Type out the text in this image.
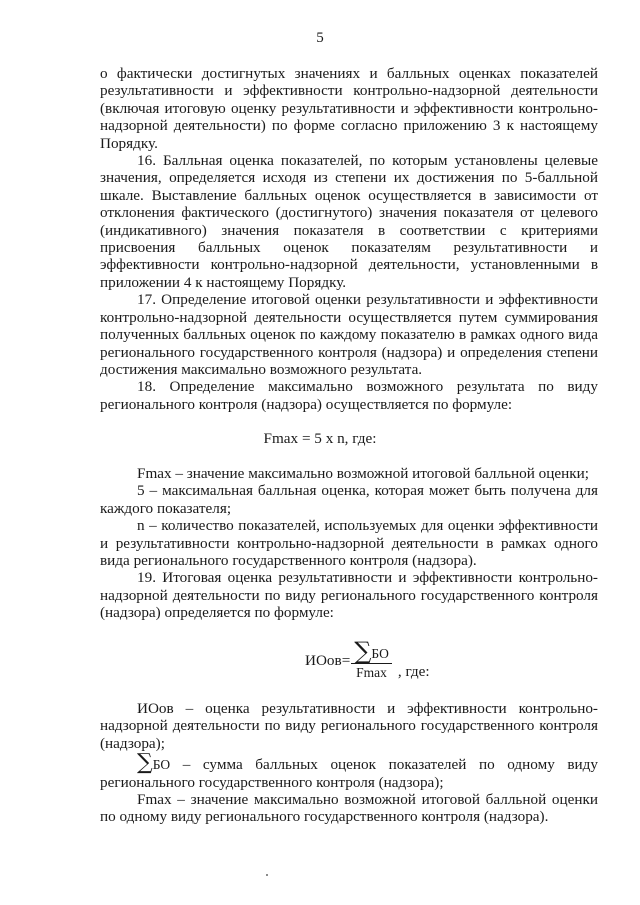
5

о фактически достигнутых значениях и балльных оценках показателей результативности и эффективности контрольно-надзорной деятельности (включая итоговую оценку результативности и эффективности контрольно-надзорной деятельности) по форме согласно приложению 3 к настоящему Порядку.

16. Балльная оценка показателей, по которым установлены целевые значения, определяется исходя из степени их достижения по 5-балльной шкале. Выставление балльных оценок осуществляется в зависимости от отклонения фактического (достигнутого) значения показателя от целевого (индикативного) значения показателя в соответствии с критериями присвоения балльных оценок показателям результативности и эффективности контрольно-надзорной деятельности, установленными в приложении 4 к настоящему Порядку.

17. Определение итоговой оценки результативности и эффективности контрольно-надзорной деятельности осуществляется путем суммирования полученных балльных оценок по каждому показателю в рамках одного вида регионального государственного контроля (надзора) и определения степени достижения максимально возможного результата.

18. Определение максимально возможного результата по виду регионального контроля (надзора) осуществляется по формуле:

Fmax = 5 x n, где:

Fmax – значение максимально возможной итоговой балльной оценки;

5 – максимальная балльная оценка, которая может быть получена для каждого показателя;

n – количество показателей, используемых для оценки эффективности и результативности контрольно-надзорной деятельности в рамках одного вида регионального государственного контроля (надзора).

19. Итоговая оценка результативности и эффективности контрольно-надзорной деятельности по виду регионального государственного контроля (надзора) определяется по формуле:

ИОов= $\frac{\sum БО}{Fmax}$ , где:

ИОов – оценка результативности и эффективности контрольно-надзорной деятельности по виду регионального государственного контроля (надзора);

∑БО – сумма балльных оценок показателей по одному виду регионального государственного контроля (надзора);

Fmax – значение максимально возможной итоговой балльной оценки по одному виду регионального государственного контроля (надзора).
